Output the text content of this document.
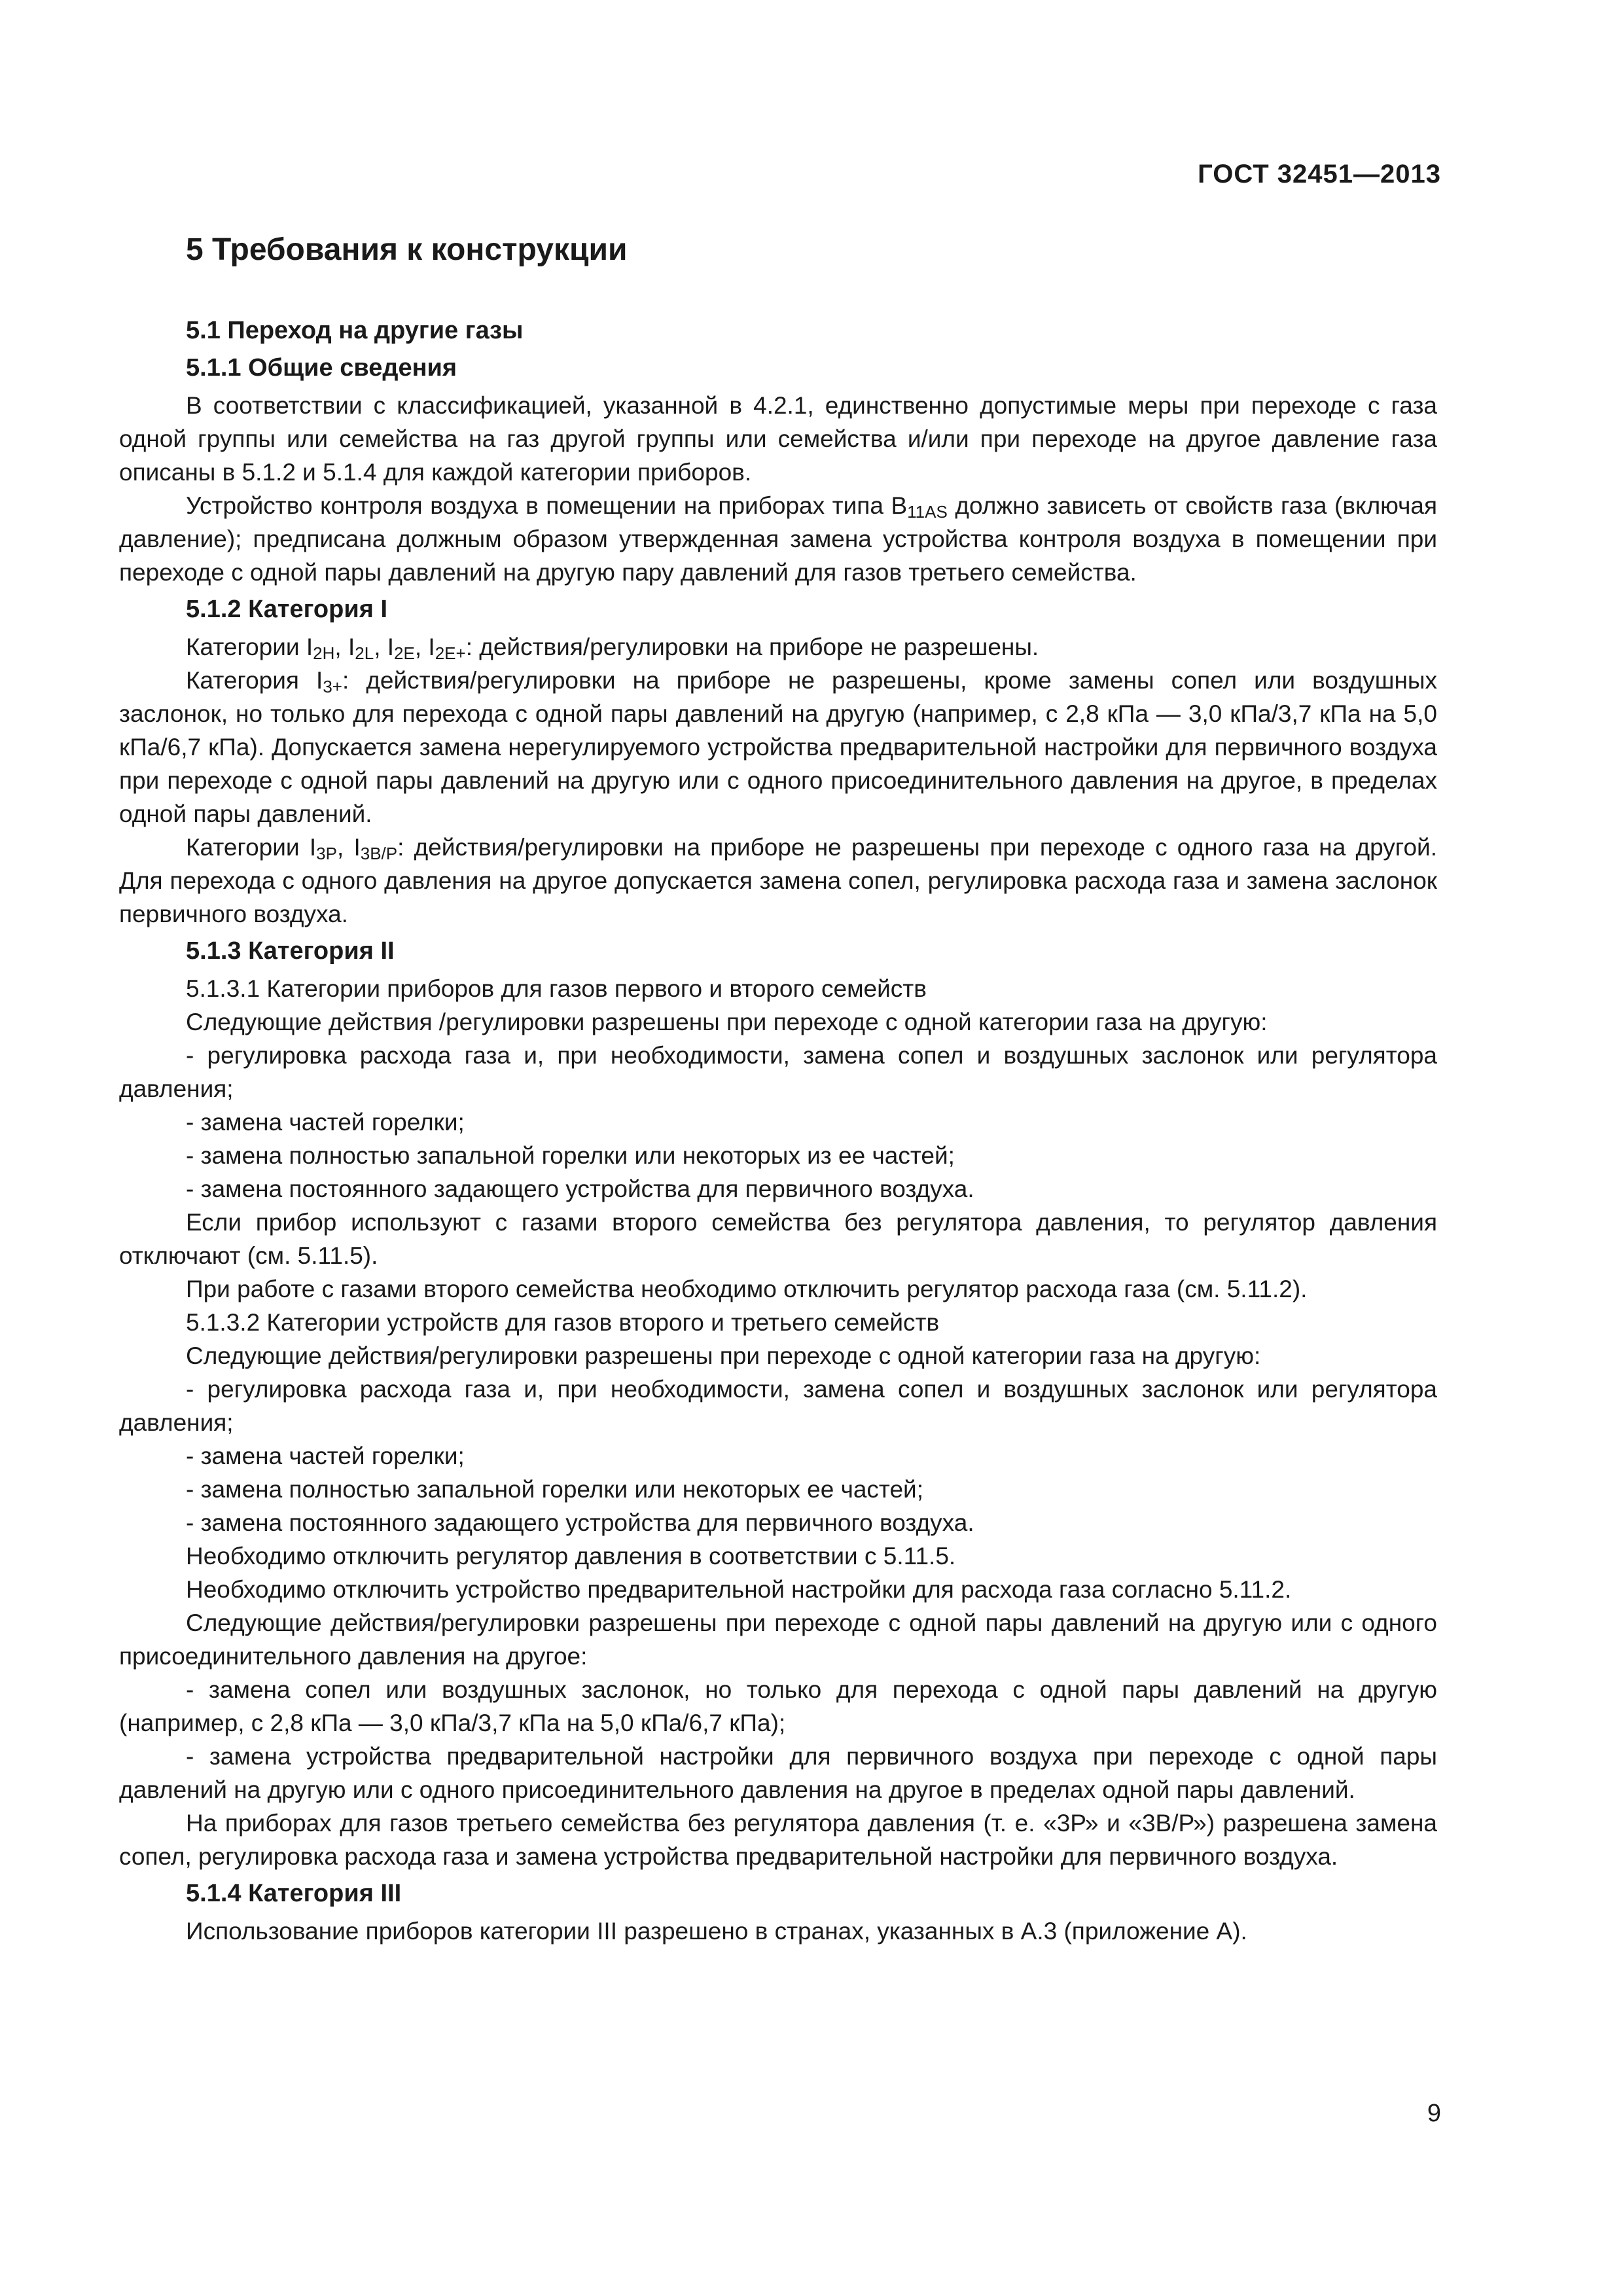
ГОСТ 32451—2013
5 Требования к конструкции
5.1 Переход на другие газы
5.1.1 Общие сведения

В соответствии с классификацией, указанной в 4.2.1, единственно допустимые меры при переходе с газа одной группы или семейства на газ другой группы или семейства и/или при переходе на другое давление газа описаны в 5.1.2 и 5.1.4 для каждой категории приборов.

Устройство контроля воздуха в помещении на приборах типа $B_{11AS}$ должно зависеть от свойств газа (включая давление); предписана должным образом утвержденная замена устройства контроля воздуха в помещении при переходе с одной пары давлений на другую пару давлений для газов третьего семейства.

5.1.2 Категория I

Категории $I_{2H}$, $I_{2L}$, $I_{2E}$, $I_{2E+}$: действия/регулировки на приборе не разрешены.

Категория $I_{3+}$: действия/регулировки на приборе не разрешены, кроме замены сопел или воздушных заслонок, но только для перехода с одной пары давлений на другую (например, с 2,8 кПа — 3,0 кПа/3,7 кПа на 5,0 кПа/6,7 кПа). Допускается замена нерегулируемого устройства предварительной настройки для первичного воздуха при переходе с одной пары давлений на другую или с одного присоединительного давления на другое, в пределах одной пары давлений.

Категории $I_{3P}$, $I_{3B/P}$: действия/регулировки на приборе не разрешены при переходе с одного газа на другой. Для перехода с одного давления на другое допускается замена сопел, регулировка расхода газа и замена заслонок первичного воздуха.

5.1.3 Категория II

5.1.3.1 Категории приборов для газов первого и второго семейств

Следующие действия /регулировки разрешены при переходе с одной категории газа на другую:

- регулировка расхода газа и, при необходимости, замена сопел и воздушных заслонок или регулятора давления;

- замена частей горелки;

- замена полностью запальной горелки или некоторых из ее частей;

- замена постоянного задающего устройства для первичного воздуха.

Если прибор используют с газами второго семейства без регулятора давления, то регулятор давления отключают (см. 5.11.5).

При работе с газами второго семейства необходимо отключить регулятор расхода газа (см. 5.11.2).

5.1.3.2 Категории устройств для газов второго и третьего семейств

Следующие действия/регулировки разрешены при переходе с одной категории газа на другую:

- регулировка расхода газа и, при необходимости, замена сопел и воздушных заслонок или регулятора давления;

- замена частей горелки;

- замена полностью запальной горелки или некоторых ее частей;

- замена постоянного задающего устройства для первичного воздуха.

Необходимо отключить регулятор давления в соответствии с 5.11.5.

Необходимо отключить устройство предварительной настройки для расхода газа согласно 5.11.2.

Следующие действия/регулировки разрешены при переходе с одной пары давлений на другую или с одного присоединительного давления на другое:

- замена сопел или воздушных заслонок, но только для перехода с одной пары давлений на другую (например, с 2,8 кПа — 3,0 кПа/3,7 кПа на 5,0 кПа/6,7 кПа);

- замена устройства предварительной настройки для первичного воздуха при переходе с одной пары давлений на другую или с одного присоединительного давления на другое в пределах одной пары давлений.

На приборах для газов третьего семейства без регулятора давления (т. е. «3Р» и «3В/Р») разрешена замена сопел, регулировка расхода газа и замена устройства предварительной настройки для первичного воздуха.

5.1.4 Категория III

Использование приборов категории III разрешено в странах, указанных в А.3 (приложение А).

9
